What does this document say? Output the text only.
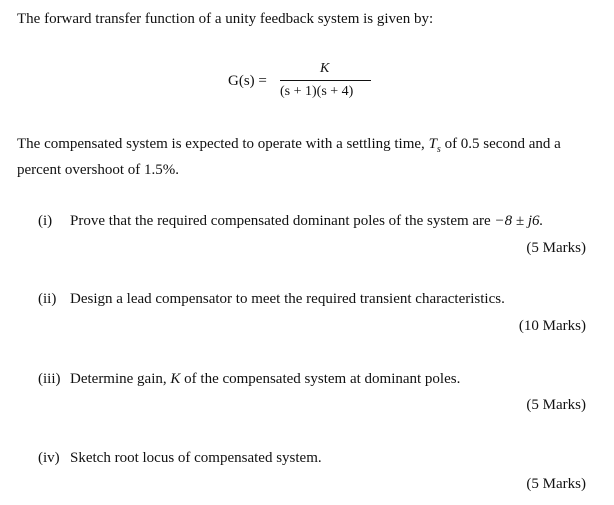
The forward transfer function of a unity feedback system is given by:
G(s) =
K
(s + 1)(s + 4)
The compensated system is expected to operate with a settling time, $T_s$ of 0.5 second and a
percent overshoot of 1.5%.
(i) Prove that the required compensated dominant poles of the system are −8 ± j6.
(5 Marks)
(ii) Design a lead compensator to meet the required transient characteristics.
(10 Marks)
(iii) Determine gain, K of the compensated system at dominant poles.
(5 Marks)
(iv) Sketch root locus of compensated system.
(5 Marks)
